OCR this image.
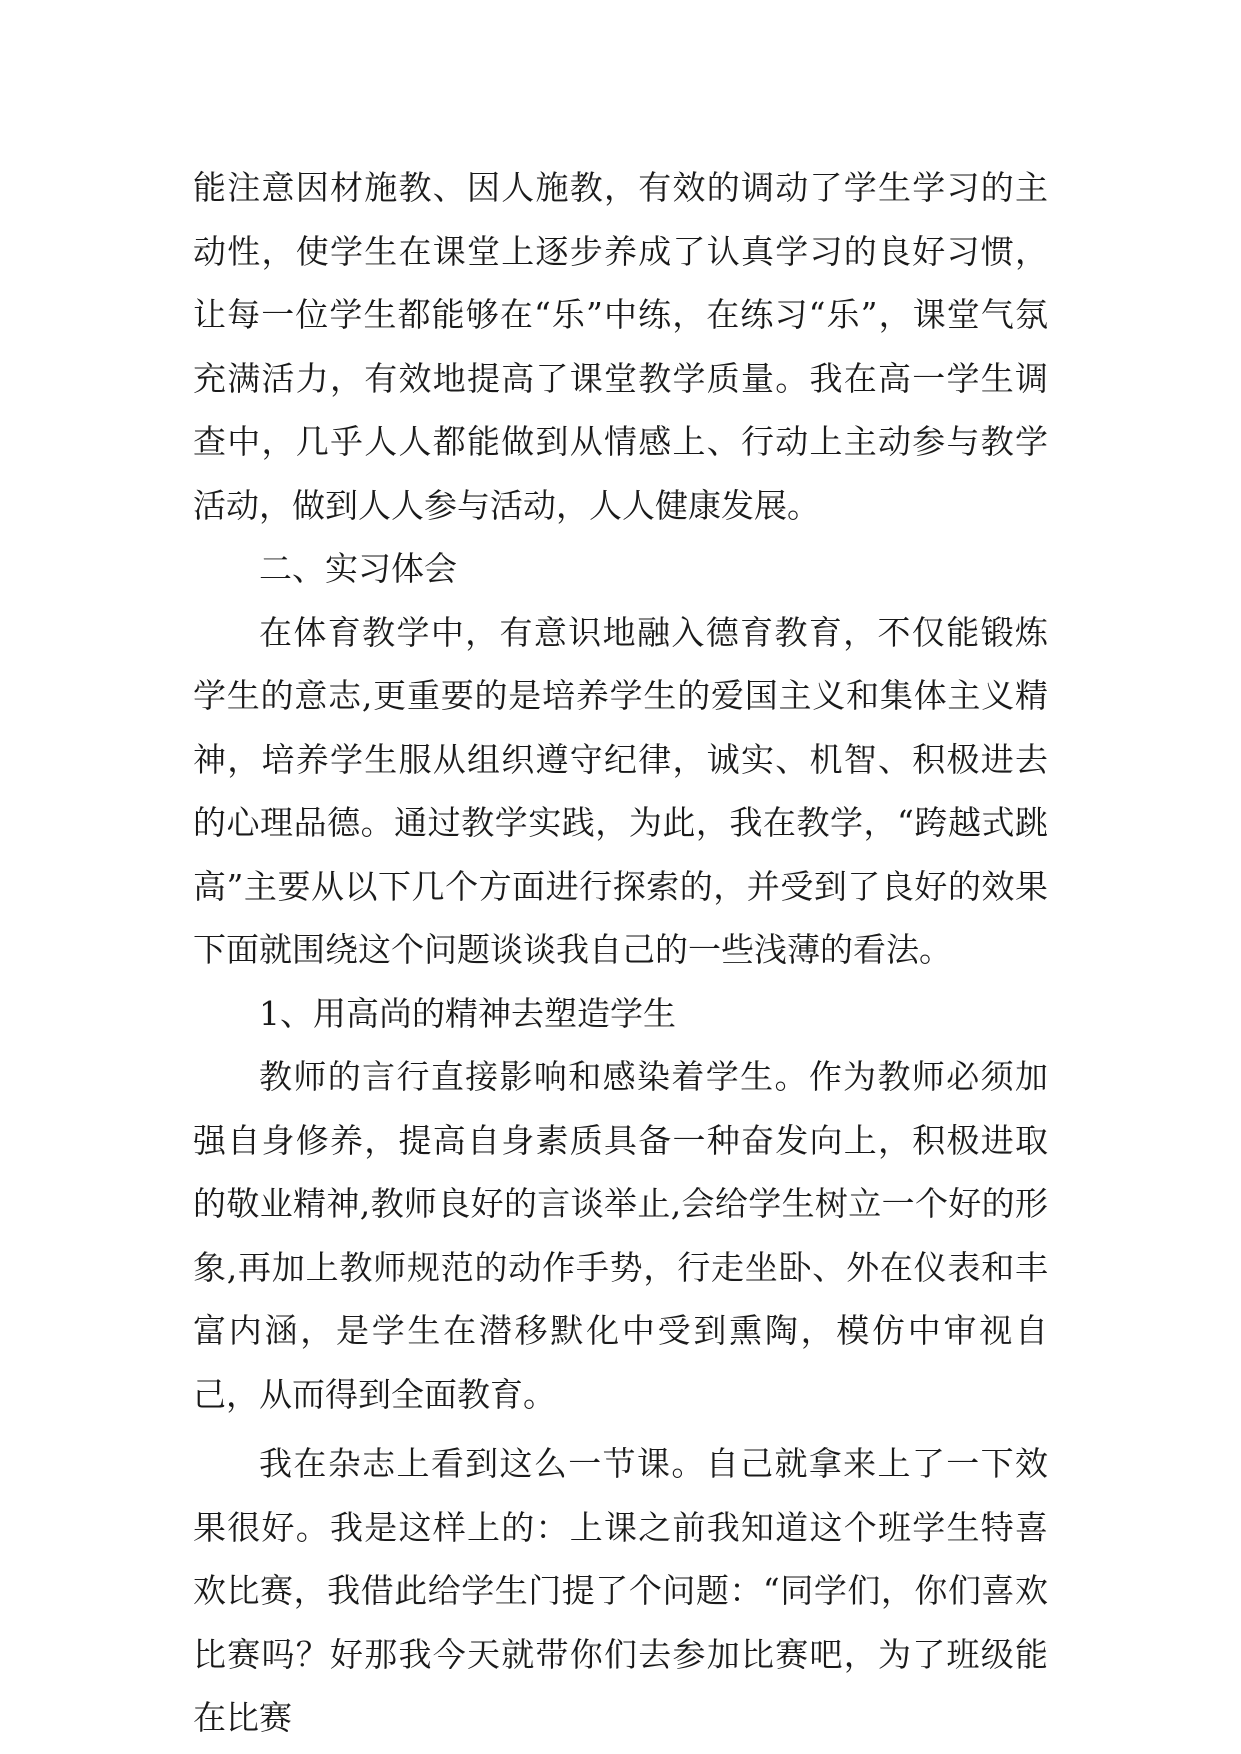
能注意因材施教、因人施教，有效的调动了学生学习的主动性，使学生在课堂上逐步养成了认真学习的良好习惯，让每一位学生都能够在“乐”中练，在练习“乐”，课堂气氛充满活力，有效地提高了课堂教学质量。我在高一学生调查中，几乎人人都能做到从情感上、行动上主动参与教学活动，做到人人参与活动，人人健康发展。

二、实习体会

在体育教学中，有意识地融入德育教育，不仅能锻炼学生的意志,更重要的是培养学生的爱国主义和集体主义精神，培养学生服从组织遵守纪律，诚实、机智、积极进去的心理品德。通过教学实践，为此，我在教学，“跨越式跳高”主要从以下几个方面进行探索的，并受到了良好的效果下面就围绕这个问题谈谈我自己的一些浅薄的看法。

1、用高尚的精神去塑造学生

教师的言行直接影响和感染着学生。作为教师必须加强自身修养，提高自身素质具备一种奋发向上，积极进取的敬业精神,教师良好的言谈举止,会给学生树立一个好的形象,再加上教师规范的动作手势，行走坐卧、外在仪表和丰富内涵，是学生在潜移默化中受到熏陶，模仿中审视自己，从而得到全面教育。

我在杂志上看到这么一节课。自己就拿来上了一下效果很好。我是这样上的：上课之前我知道这个班学生特喜欢比赛，我借此给学生门提了个问题：“同学们，你们喜欢比赛吗？好那我今天就带你们去参加比赛吧，为了班级能在比赛
